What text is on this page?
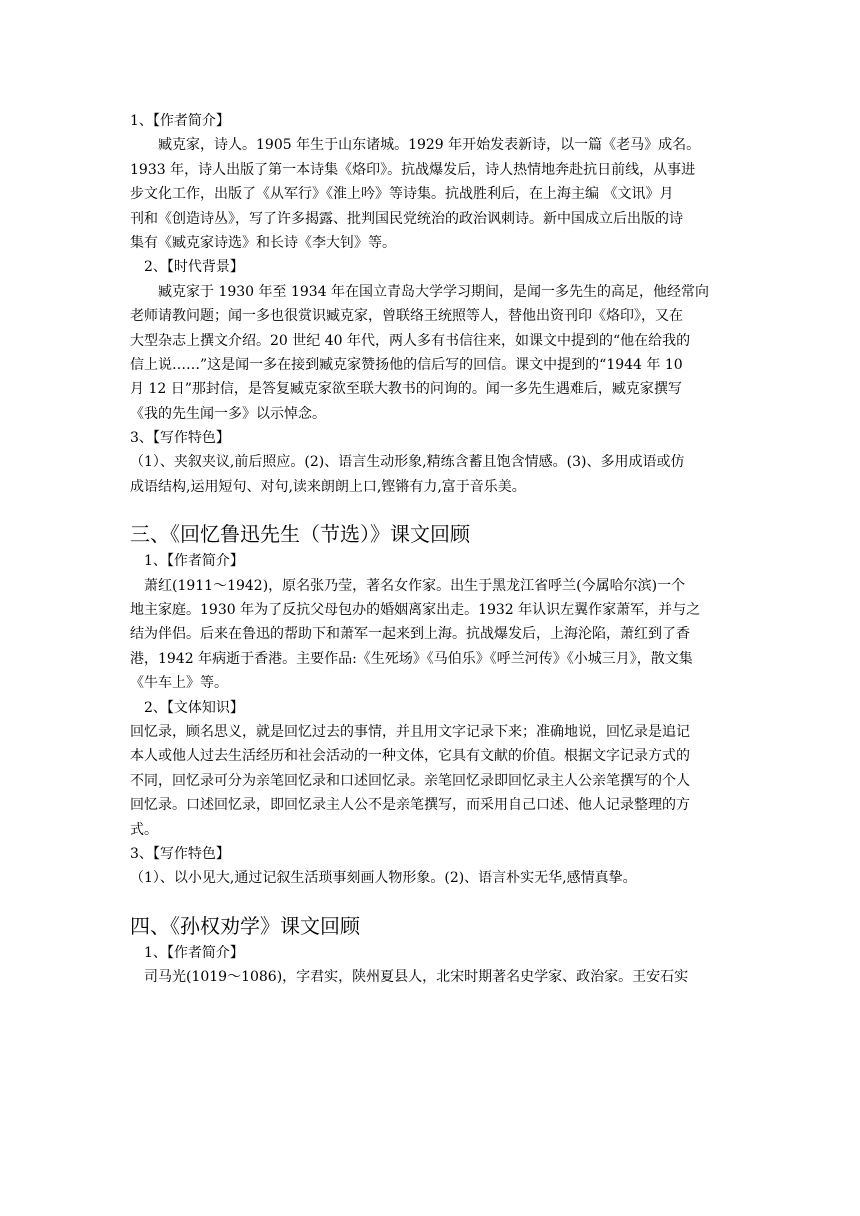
1、【作者简介】
臧克家，诗人。1905 年生于山东诸城。1929 年开始发表新诗，以一篇《老马》成名。
1933 年，诗人出版了第一本诗集《烙印》。抗战爆发后，诗人热情地奔赴抗日前线，从事进
步文化工作，出版了《从军行》《淮上吟》等诗集。抗战胜利后，在上海主编 《文讯》月
刊和《创造诗丛》，写了许多揭露、批判国民党统治的政治讽刺诗。新中国成立后出版的诗
集有《臧克家诗选》和长诗《李大钊》等。
2、【时代背景】
臧克家于 1930 年至 1934 年在国立青岛大学学习期间，是闻一多先生的高足，他经常向
老师请教问题；闻一多也很赏识臧克家，曾联络王统照等人，替他出资刊印《烙印》，又在
大型杂志上撰文介绍。20 世纪 40 年代，两人多有书信往来，如课文中提到的“他在给我的
信上说……”这是闻一多在接到臧克家赞扬他的信后写的回信。课文中提到的“1944 年 10
月 12 日”那封信，是答复臧克家欲至联大教书的问询的。闻一多先生遇难后，臧克家撰写
《我的先生闻一多》以示悼念。
3、【写作特色】
（1）、夹叙夹议,前后照应。(2)、语言生动形象,精练含蓄且饱含情感。(3)、多用成语或仿
成语结构,运用短句、对句,读来朗朗上口,铿锵有力,富于音乐美。
三、《回忆鲁迅先生（节选）》课文回顾
1、【作者简介】
萧红(1911～1942)，原名张乃莹，著名女作家。出生于黑龙江省呼兰(今属哈尔滨)一个
地主家庭。1930 年为了反抗父母包办的婚姻离家出走。1932 年认识左翼作家萧军，并与之
结为伴侣。后来在鲁迅的帮助下和萧军一起来到上海。抗战爆发后，上海沦陷，萧红到了香
港，1942 年病逝于香港。主要作品:《生死场》《马伯乐》《呼兰河传》《小城三月》，散文集
《牛车上》等。
2、【文体知识】
回忆录，顾名思义，就是回忆过去的事情，并且用文字记录下来；准确地说，回忆录是追记
本人或他人过去生活经历和社会活动的一种文体，它具有文献的价值。根据文字记录方式的
不同，回忆录可分为亲笔回忆录和口述回忆录。亲笔回忆录即回忆录主人公亲笔撰写的个人
回忆录。口述回忆录，即回忆录主人公不是亲笔撰写，而采用自己口述、他人记录整理的方
式。
3、【写作特色】
（1）、以小见大,通过记叙生活琐事刻画人物形象。(2)、语言朴实无华,感情真挚。
四、《孙权劝学》课文回顾
1、【作者简介】
司马光(1019～1086)，字君实，陕州夏县人，北宋时期著名史学家、政治家。王安石实
